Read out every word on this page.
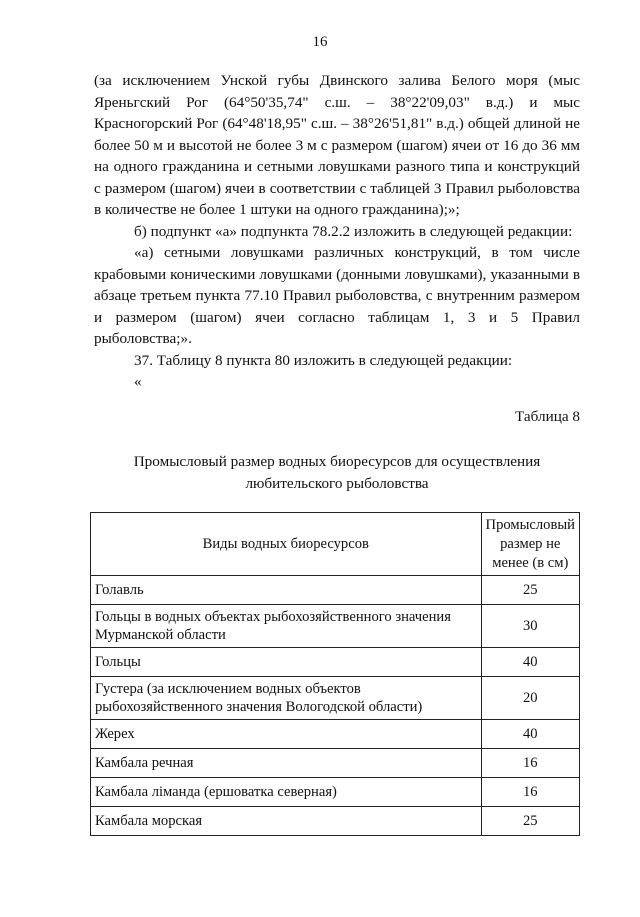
16

(за исключением Унской губы Двинского залива Белого моря (мыс Яреньгский Рог (64°50'35,74" с.ш. – 38°22'09,03" в.д.) и мыс Красногорский Рог (64°48'18,95" с.ш. – 38°26'51,81" в.д.) общей длиной не более 50 м и высотой не более 3 м с размером (шагом) ячеи от 16 до 36 мм на одного гражданина и сетными ловушками разного типа и конструкций с размером (шагом) ячеи в соответствии с таблицей 3 Правил рыболовства в количестве не более 1 штуки на одного гражданина);»;

б) подпункт «а» подпункта 78.2.2 изложить в следующей редакции:

«а) сетными ловушками различных конструкций, в том числе крабовыми коническими ловушками (донными ловушками), указанными в абзаце третьем пункта 77.10 Правил рыболовства, с внутренним размером и размером (шагом) ячеи согласно таблицам 1, 3 и 5 Правил рыболовства;».

37. Таблицу 8 пункта 80 изложить в следующей редакции:

«

Таблица 8
Промысловый размер водных биоресурсов для осуществления
любительского рыболовства
Виды водных биоресурсов	Промысловый размер не менее (в см)
Голавль	25
Гольцы в водных объектах рыбохозяйственного значения Мурманской области	30
Гольцы	40
Густера (за исключением водных объектов рыбохозяйственного значения Вологодской области)	20
Жерех	40
Камбала речная	16
Камбала ліманда (ершоватка северная)	16
Камбала морская	25
